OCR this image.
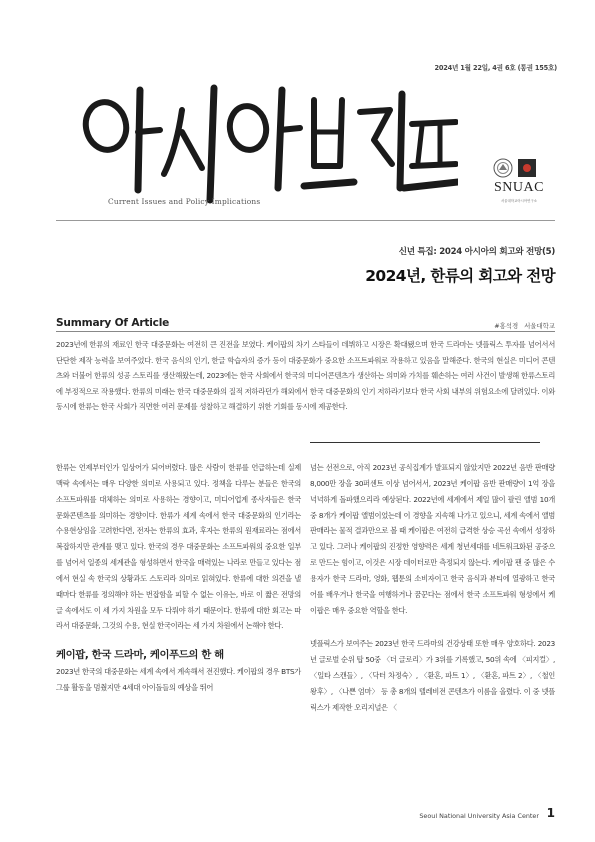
2024년 1월 22일, 4권 6호 (통권 155호)
Current Issues and Policy Implications
SNUAC
서울대학교아시아연구소
신년 특집: 2024 아시아의 회고와 전망(5)
2024년, 한류의 회고와 전망
Summary Of Article	#홍석경 서울대학교

2023년에 한류의 재료인 한국 대중문화는 여전히 큰 진전을 보였다. 케이팝의 차기 스타들이 데뷔하고 시장은 확대됐으며 한국 드라마는 넷플릭스 투자를 넘어서서 단단한 제작 능력을 보여주었다. 한국 음식의 인기, 한글 학습자의 증가 등이 대중문화가 중요한 소프트파워로 작용하고 있음을 말해준다. 한국의 현실은 미디어 콘텐츠와 더불어 한류의 성공 스토리를 생산해왔는데, 2023에는 한국 사회에서 한국의 미디어콘텐츠가 생산하는 의미와 가치를 훼손하는 여러 사건이 발생해 한류스토리에 부정적으로 작용했다. 한류의 미래는 한국 대중문화의 질적 저하라던가 해외에서 한국 대중문화의 인기 저하라기보다 한국 사회 내부의 위험요소에 달려있다. 이와 동시에 한류는 한국 사회가 직면한 여러 문제를 성찰하고 해결하기 위한 기회를 동시에 제공한다.

한류는 언제부터인가 일상어가 되어버렸다. 많은 사람이 한류를 언급하는데 실제 맥락 속에서는 매우 다양한 의미로 사용되고 있다. 정책을 다루는 분들은 한국의 소프트파워를 대체하는 의미로 사용하는 경향이고, 미디어업계 종사자들은 한국 문화콘텐츠를 의미하는 경향이다. 한류가 세계 속에서 한국 대중문화의 인기라는 수용현상임을 고려한다면, 전자는 한류의 효과, 후자는 한류의 원재료라는 점에서 복잡하지만 관계를 맺고 있다. 한국의 경우 대중문화는 소프트파워의 중요한 일부를 넘어서 일종의 세계관을 형성하면서 한국을 매력있는 나라로 만들고 있다는 점에서 현실 속 한국의 상황과도 스토리라 의미로 읽혀있다. 한류에 대한 의견을 낼 때마다 한류를 정의해야 하는 번잡함을 피할 수 없는 이유는, 바로 이 짧은 전망의 글 속에서도 이 세 가지 차원을 모두 다뤄야 하기 때문이다. 한류에 대한 회고는 따라서 대중문화, 그것의 수용, 현실 한국이라는 세 가지 차원에서 논해야 한다.

케이팝, 한국 드라마, 케이푸드의 한 해

2023년 한국의 대중문화는 세계 속에서 계속해서 전진했다. 케이팝의 경우 BTS가 그룹 활동을 멈췄지만 4세대 아이돌들의 예상을 뛰어

넘는 선전으로, 아직 2023년 공식집계가 발표되지 않았지만 2022년 음반 판매량 8,000만 장을 30퍼센트 이상 넘어서서, 2023년 케이팝 음반 판매량이 1억 장을 넉넉하게 돌파했으리라 예상된다. 2022년에 세계에서 제일 많이 팔린 앨범 10개 중 8개가 케이팝 앨범이었는데 이 경향을 지속해 나가고 있으니, 세계 속에서 앨범 판매라는 물적 결과만으로 볼 때 케이팝은 여전히 급격한 상승 곡선 속에서 성장하고 있다. 그러나 케이팝의 진정한 영향력은 세계 청년세대를 네트워크화된 공중으로 만드는 힘이고, 이것은 시장 데이터로만 측정되지 않는다. 케이팝 팬 중 많은 수용자가 한국 드라마, 영화, 웹툰의 소비자이고 한국 음식과 뷰티에 열광하고 한국어를 배우거나 한국을 여행하거나 꿈꾼다는 점에서 한국 소프트파워 형성에서 케이팝은 매우 중요한 역할을 한다.

넷플릭스가 보여주는 2023년 한국 드라마의 건강상태 또한 매우 양호하다. 2023년 글로벌 순위 탑 50중 〈더 글로리〉가 3위를 기록했고, 50위 속에 〈피지컬〉, 〈일타 스캔들〉, 〈닥터 차정숙〉, 〈환혼, 파트 1〉, 〈환혼, 파트 2〉, 〈철인 왕후〉, 〈나쁜 엄마〉 등 총 8개의 텔레비전 콘텐츠가 이름을 올렸다. 이 중 넷플릭스가 제작한 오리지널은 〈

Seoul National University Asia Center 1
